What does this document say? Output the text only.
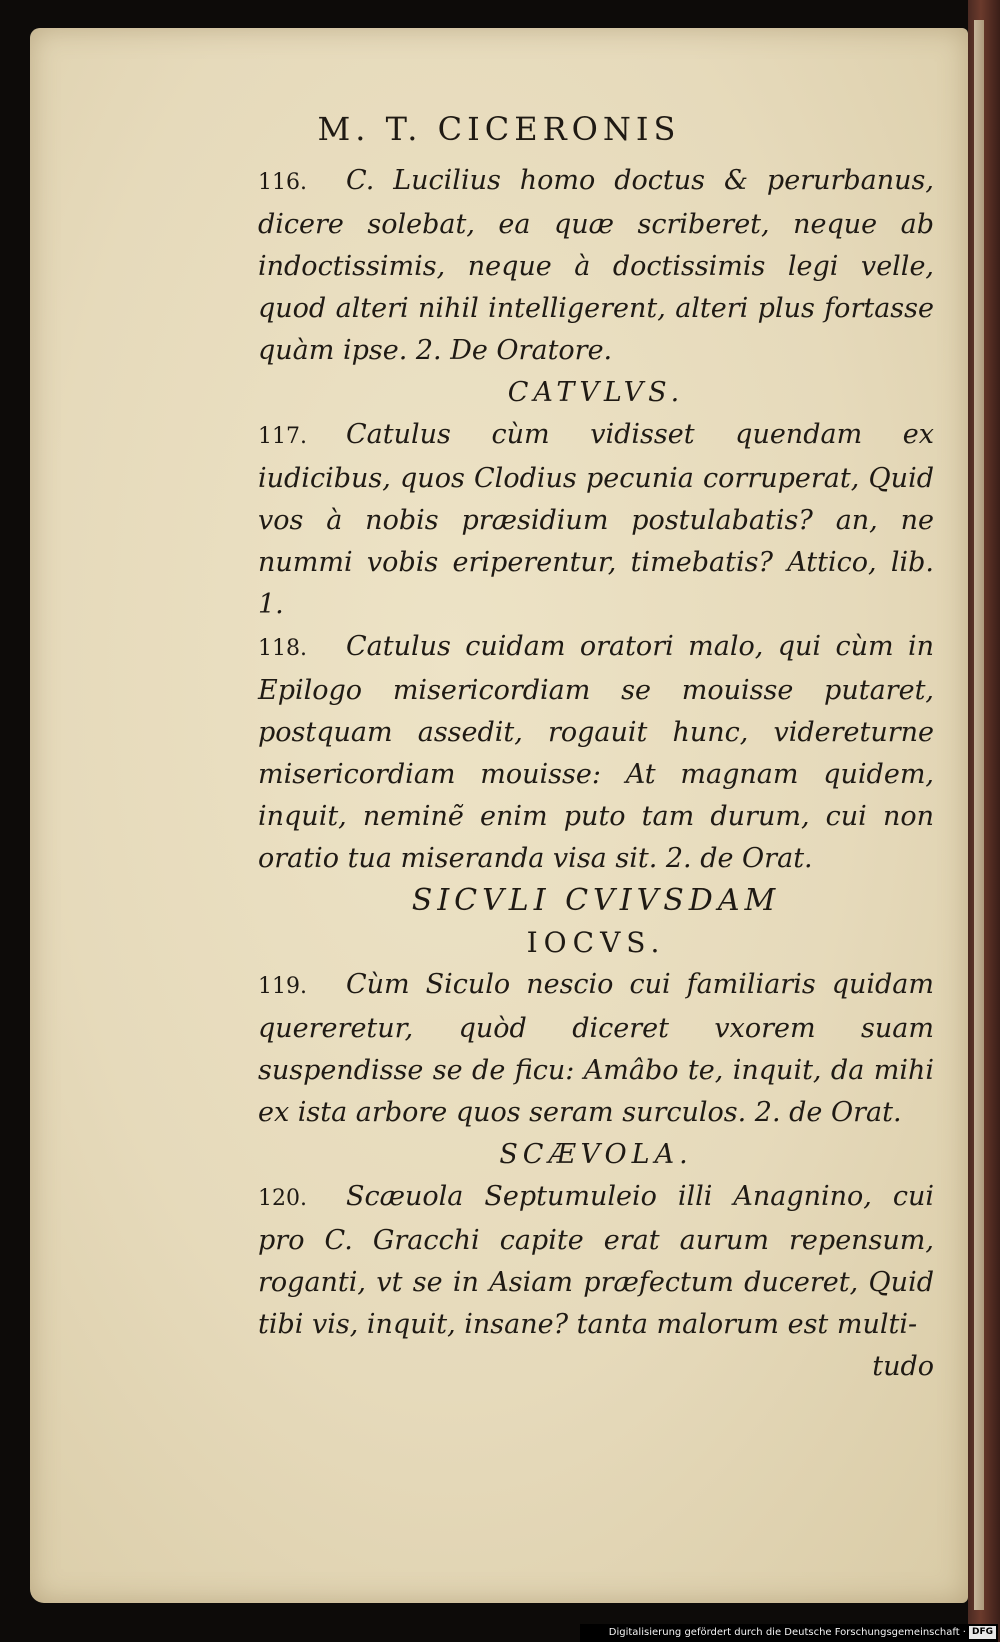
M. T. CICERONIS

116. C. Lucilius homo doctus & perurbanus, dicere solebat, ea quæ scriberet, neque ab indoctissimis, neque à doctissimis legi velle, quod alteri nihil intelligerent, alteri plus fortasse quàm ipse. 2. De Oratore.

CATVLVS.

117. Catulus cùm vidisset quendam ex iudicibus, quos Clodius pecunia corruperat, Quid vos à nobis præsidium postulabatis? an, ne nummi vobis eriperentur, timebatis? Attico, lib. 1.

118. Catulus cuidam oratori malo, qui cùm in Epilogo misericordiam se mouisse putaret, postquam assedit, rogauit hunc, videreturne misericordiam mouisse: At magnam quidem, inquit, neminẽ enim puto tam durum, cui non oratio tua miseranda visa sit. 2. de Orat.

SICVLI CVIVSDAM

IOCVS.

119. Cùm Siculo nescio cui familiaris quidam quereretur, quòd diceret vxorem suam suspendisse se de ficu: Amâbo te, inquit, da mihi ex ista arbore quos seram surculos. 2. de Orat.

SCÆVOLA.

120. Scæuola Septumuleio illi Anagnino, cui pro C. Gracchi capite erat aurum repensum, roganti, vt se in Asiam præfectum duceret, Quid tibi vis, inquit, insane? tanta malorum est multi-

tudo

Digitalisierung gefördert durch die Deutsche Forschungsgemeinschaft · DFG
